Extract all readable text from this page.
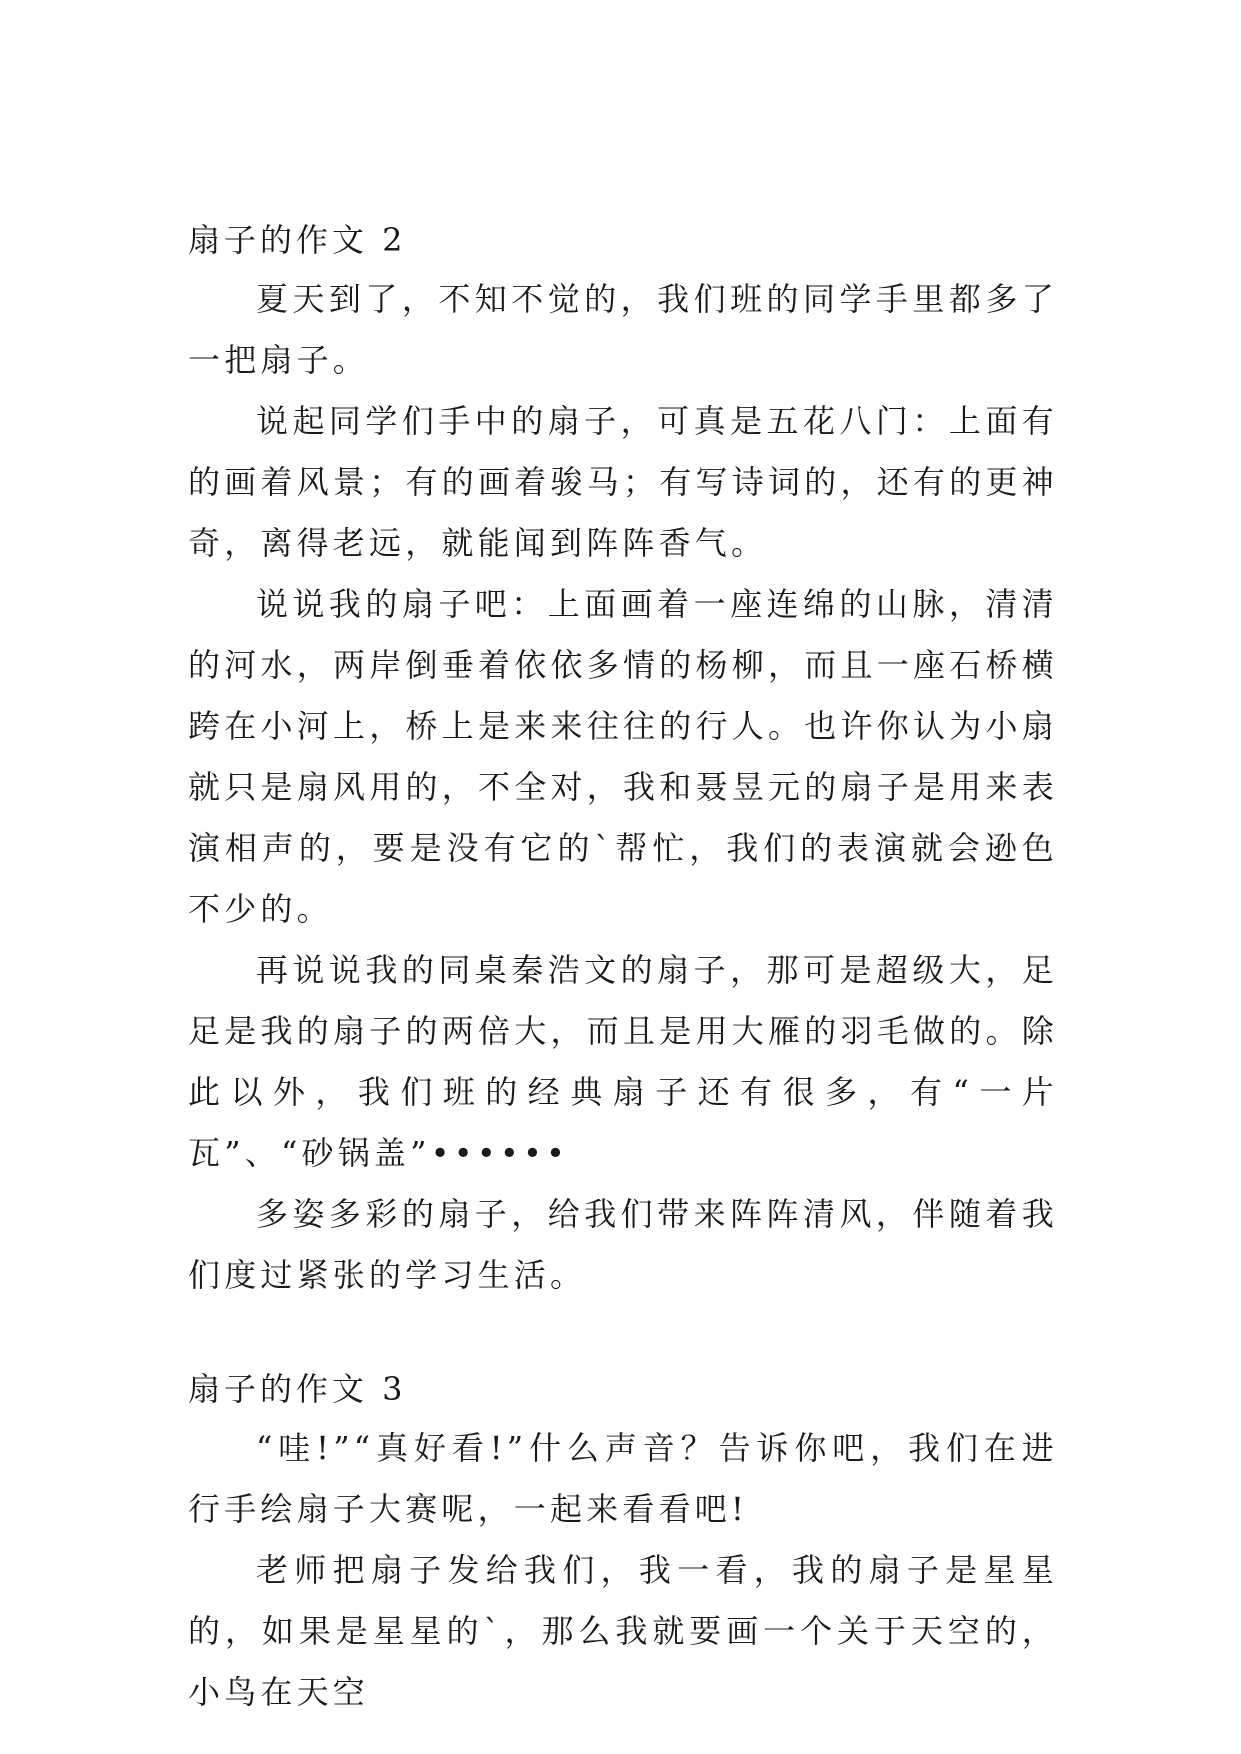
扇子的作文 2

夏天到了，不知不觉的，我们班的同学手里都多了一把扇子。

说起同学们手中的扇子，可真是五花八门：上面有的画着风景；有的画着骏马；有写诗词的，还有的更神奇，离得老远，就能闻到阵阵香气。

说说我的扇子吧：上面画着一座连绵的山脉，清清的河水，两岸倒垂着依依多情的杨柳，而且一座石桥横跨在小河上，桥上是来来往往的行人。也许你认为小扇就只是扇风用的，不全对，我和聂昱元的扇子是用来表演相声的，要是没有它的`帮忙，我们的表演就会逊色不少的。

再说说我的同桌秦浩文的扇子，那可是超级大，足足是我的扇子的两倍大，而且是用大雁的羽毛做的。除此以外，我们班的经典扇子还有很多，有“一片瓦”、“砂锅盖”••••••

多姿多彩的扇子，给我们带来阵阵清风，伴随着我们度过紧张的学习生活。

扇子的作文 3

“哇!”“真好看!”什么声音？告诉你吧，我们在进行手绘扇子大赛呢，一起来看看吧!

老师把扇子发给我们，我一看，我的扇子是星星的，如果是星星的`，那么我就要画一个关于天空的，小鸟在天空
